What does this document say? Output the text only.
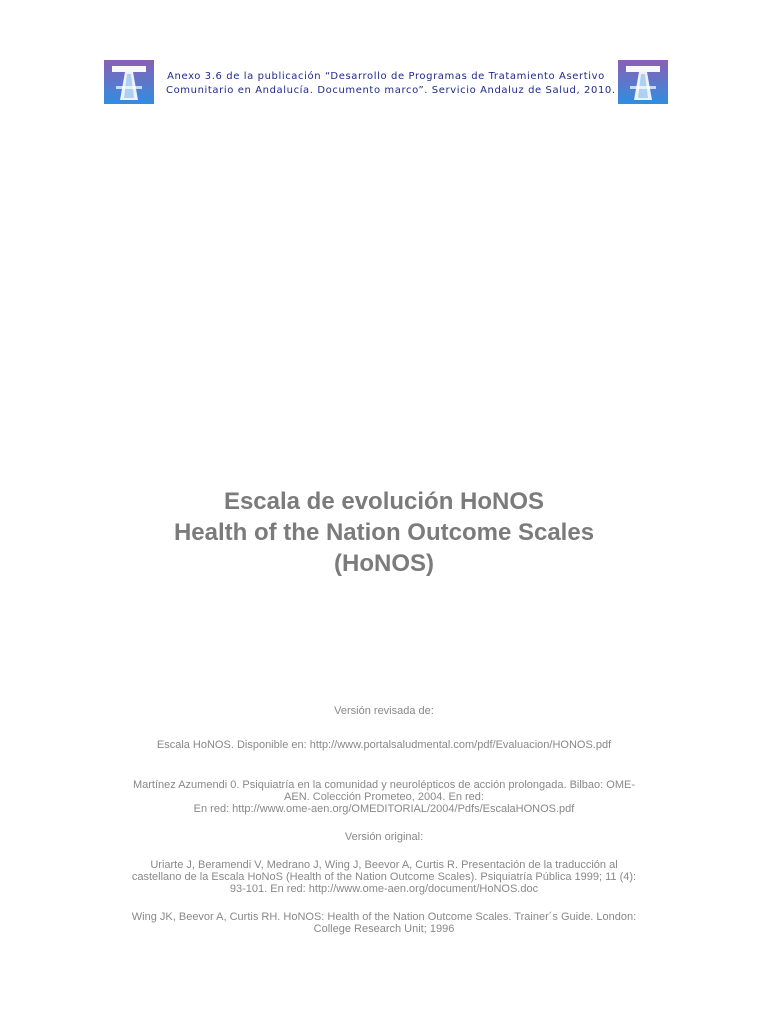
Anexo 3.6 de la publicación “Desarrollo de Programas de Tratamiento Asertivo
Comunitario en Andalucía. Documento marco”. Servicio Andaluz de Salud, 2010.
Escala de evolución HoNOS
Health of the Nation Outcome Scales
(HoNOS)
Versión revisada de:
Escala HoNOS. Disponible en: http://www.portalsaludmental.com/pdf/Evaluacion/HONOS.pdf
Martínez Azumendi 0. Psiquiatría en la comunidad y neurolépticos de acción prolongada. Bilbao: OME-
AEN. Colección Prometeo, 2004. En red:
En red: http://www.ome-aen.org/OMEDITORIAL/2004/Pdfs/EscalaHONOS.pdf
Versión original:
Uriarte J, Beramendi V, Medrano J, Wing J, Beevor A, Curtis R. Presentación de la traducción al
castellano de la Escala HoNoS (Health of the Nation Outcome Scales). Psiquiatría Pública 1999; 11 (4):
93-101. En red: http://www.ome-aen.org/document/HoNOS.doc
Wing JK, Beevor A, Curtis RH. HoNOS: Health of the Nation Outcome Scales. Trainer´s Guide. London:
College Research Unit; 1996
